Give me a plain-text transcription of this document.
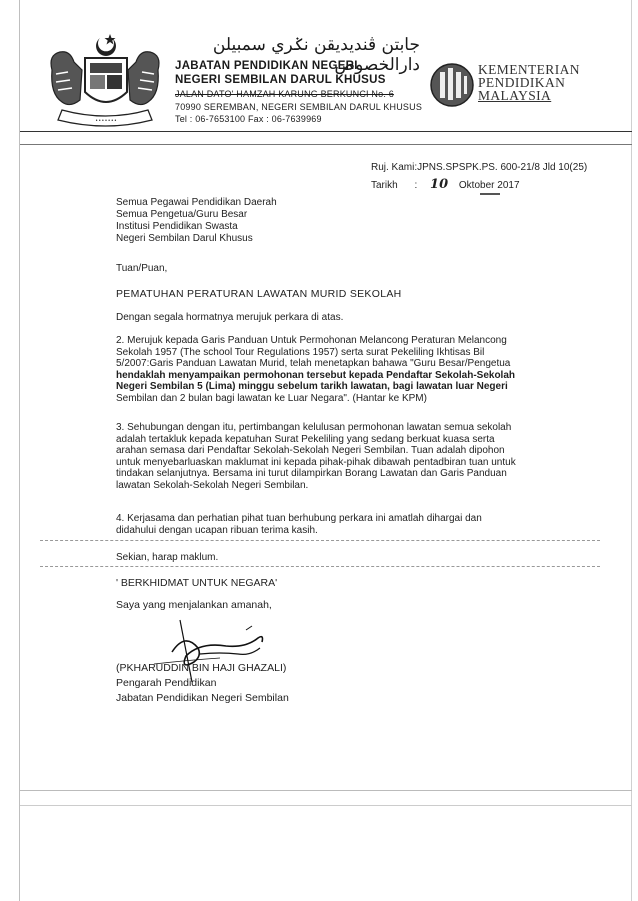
• • • • • • •
جابتن ڤنديديقن نݢري سمبيلن دارالخصوص
JABATAN PENDIDIKAN NEGERI
NEGERI SEMBILAN DARUL KHUSUS
JALAN DATO' HAMZAH KARUNG BERKUNCI No. 6
70990 SEREMBAN, NEGERI SEMBILAN DARUL KHUSUS
Tel : 06-7653100 Fax : 06-7639969
KEMENTERIAN
PENDIDIKAN
MALAYSIA
Ruj. Kami:JPNS.SPSPK.PS. 600-21/8 Jld 10(25)
Tarikh : 10 Oktober 2017
Semua Pegawai Pendidikan Daerah
Semua Pengetua/Guru Besar
Institusi Pendidikan Swasta
Negeri Sembilan Darul Khusus
Tuan/Puan,
PEMATUHAN PERATURAN LAWATAN MURID SEKOLAH
Dengan segala hormatnya merujuk perkara di atas.
2. Merujuk kepada Garis Panduan Untuk Permohonan Melancong Peraturan Melancong
Sekolah 1957 (The school Tour Regulations 1957) serta surat Pekeliling Ikhtisas Bil
5/2007:Garis Panduan Lawatan Murid, telah menetapkan bahawa "Guru Besar/Pengetua
hendaklah menyampaikan permohonan tersebut kepada Pendaftar Sekolah-Sekolah
Negeri Sembilan 5 (Lima) minggu sebelum tarikh lawatan, bagi lawatan luar Negeri
Sembilan dan 2 bulan bagi lawatan ke Luar Negara". (Hantar ke KPM)
3. Sehubungan dengan itu, pertimbangan kelulusan permohonan lawatan semua sekolah
adalah tertakluk kepada kepatuhan Surat Pekeliling yang sedang berkuat kuasa serta
arahan semasa dari Pendaftar Sekolah-Sekolah Negeri Sembilan. Tuan adalah dipohon
untuk menyebarluaskan maklumat ini kepada pihak-pihak dibawah pentadbiran tuan untuk
tindakan selanjutnya. Bersama ini turut dilampirkan Borang Lawatan dan Garis Panduan
lawatan Sekolah-Sekolah Negeri Sembilan.
4. Kerjasama dan perhatian pihat tuan berhubung perkara ini amatlah dihargai dan
didahului dengan ucapan ribuan terima kasih.
Sekian, harap maklum.
' BERKHIDMAT UNTUK NEGARA'
Saya yang menjalankan amanah,
(PKHARUDDIN BIN HAJI GHAZALI)
Pengarah Pendidikan
Jabatan Pendidikan Negeri Sembilan
